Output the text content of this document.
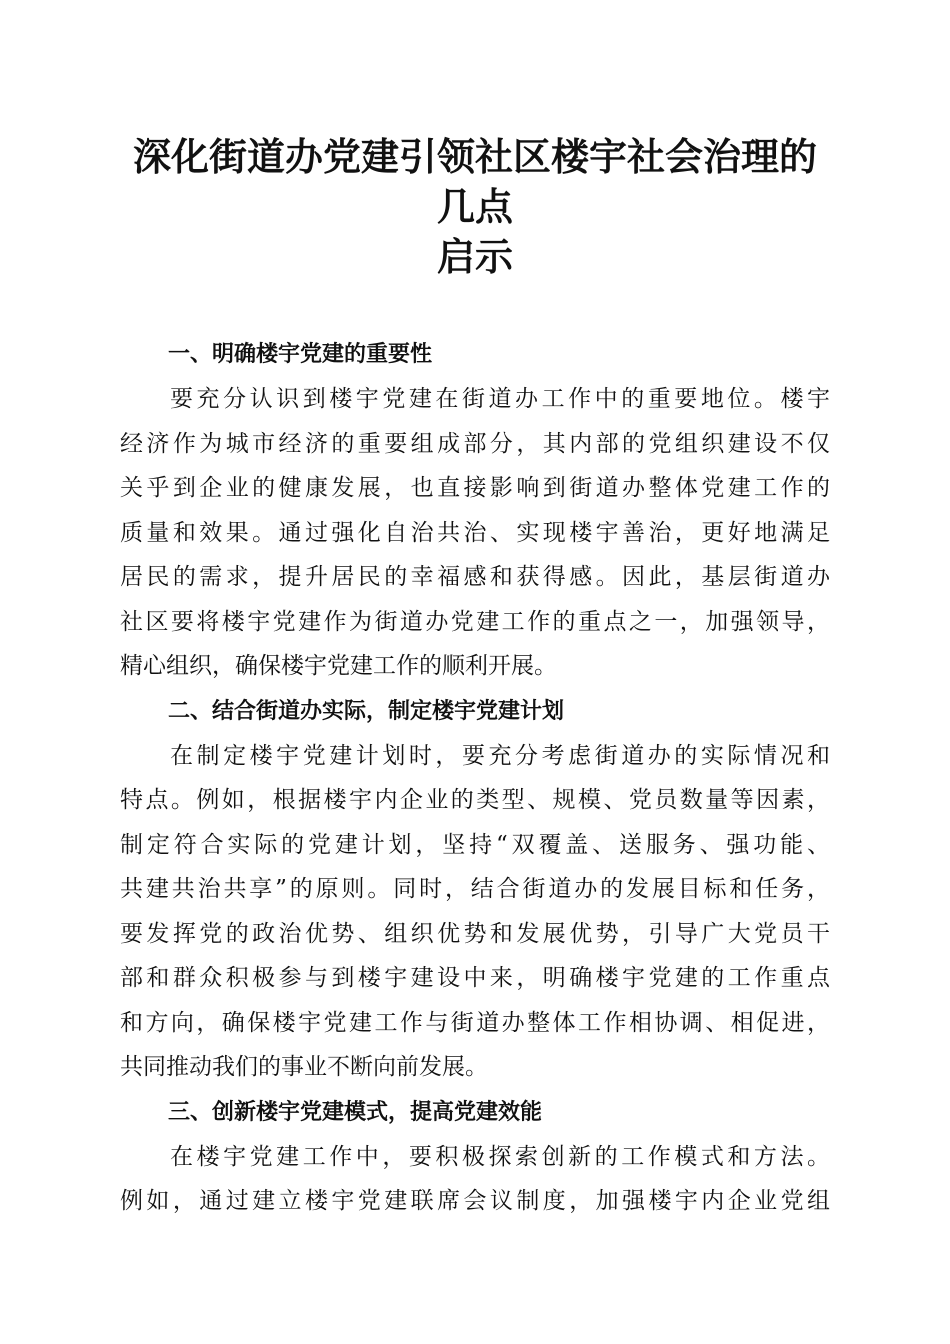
深化街道办党建引领社区楼宇社会治理的几点
启示
一、明确楼宇党建的重要性
要充分认识到楼宇党建在街道办工作中的重要地位。楼宇
经济作为城市经济的重要组成部分，其内部的党组织建设不仅
关乎到企业的健康发展，也直接影响到街道办整体党建工作的
质量和效果。通过强化自治共治、实现楼宇善治，更好地满足
居民的需求，提升居民的幸福感和获得感。因此，基层街道办
社区要将楼宇党建作为街道办党建工作的重点之一，加强领导，
精心组织，确保楼宇党建工作的顺利开展。
二、结合街道办实际，制定楼宇党建计划
在制定楼宇党建计划时，要充分考虑街道办的实际情况和
特点。例如，根据楼宇内企业的类型、规模、党员数量等因素，
制定符合实际的党建计划，坚持“双覆盖、送服务、强功能、
共建共治共享”的原则。同时，结合街道办的发展目标和任务，
要发挥党的政治优势、组织优势和发展优势，引导广大党员干
部和群众积极参与到楼宇建设中来，明确楼宇党建的工作重点
和方向，确保楼宇党建工作与街道办整体工作相协调、相促进，
共同推动我们的事业不断向前发展。
三、创新楼宇党建模式，提高党建效能
在楼宇党建工作中，要积极探索创新的工作模式和方法。
例如，通过建立楼宇党建联席会议制度，加强楼宇内企业党组
